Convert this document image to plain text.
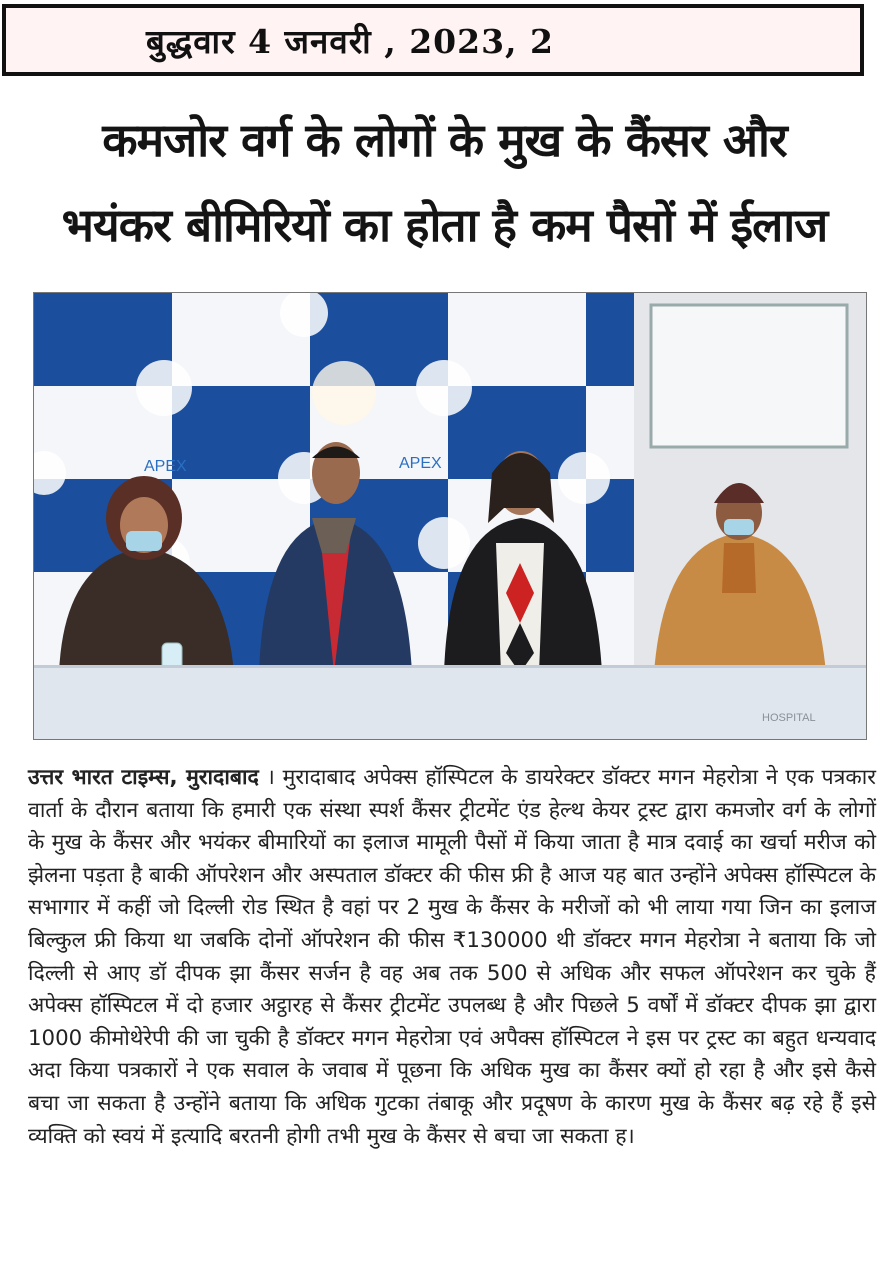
बुद्धवार 4 जनवरी , 2023, 2
कमजोर वर्ग के लोगों के मुख के कैंसर और
भयंकर बीमिरियों का होता है कम पैसों में ईलाज
APEX
APEX
HOSPITAL
उत्तर भारत टाइम्स, मुरादाबाद । मुरादाबाद अपेक्स हॉस्पिटल के डायरेक्टर डॉक्टर मगन मेहरोत्रा ने एक पत्रकार वार्ता के दौरान बताया कि हमारी एक संस्था स्पर्श कैंसर ट्रीटमेंट एंड हेल्थ केयर ट्रस्ट द्वारा कमजोर वर्ग के लोगों के मुख के कैंसर और भयंकर बीमारियों का इलाज मामूली पैसों में किया जाता है मात्र दवाई का खर्चा मरीज को झेलना पड़ता है बाकी ऑपरेशन और अस्पताल डॉक्टर की फीस फ्री है आज यह बात उन्होंने अपेक्स हॉस्पिटल के सभागार में कहीं जो दिल्ली रोड स्थित है वहां पर 2 मुख के कैंसर के मरीजों को भी लाया गया जिन का इलाज बिल्कुल फ्री किया था जबकि दोनों ऑपरेशन की फीस ₹130000 थी डॉक्टर मगन मेहरोत्रा ने बताया कि जो दिल्ली से आए डॉ दीपक झा कैंसर सर्जन है वह अब तक 500 से अधिक और सफल ऑपरेशन कर चुके हैं अपेक्स हॉस्पिटल में दो हजार अट्ठारह से कैंसर ट्रीटमेंट उपलब्ध है और पिछले 5 वर्षों में डॉक्टर दीपक झा द्वारा 1000 कीमोथेरेपी की जा चुकी है डॉक्टर मगन मेहरोत्रा एवं अपैक्स हॉस्पिटल ने इस पर ट्रस्ट का बहुत धन्यवाद अदा किया पत्रकारों ने एक सवाल के जवाब में पूछना कि अधिक मुख का कैंसर क्यों हो रहा है और इसे कैसे बचा जा सकता है उन्होंने बताया कि अधिक गुटका तंबाकू और प्रदूषण के कारण मुख के कैंसर बढ़ रहे हैं इसे व्यक्ति को स्वयं में इत्यादि बरतनी होगी तभी मुख के कैंसर से बचा जा सकता ह।
